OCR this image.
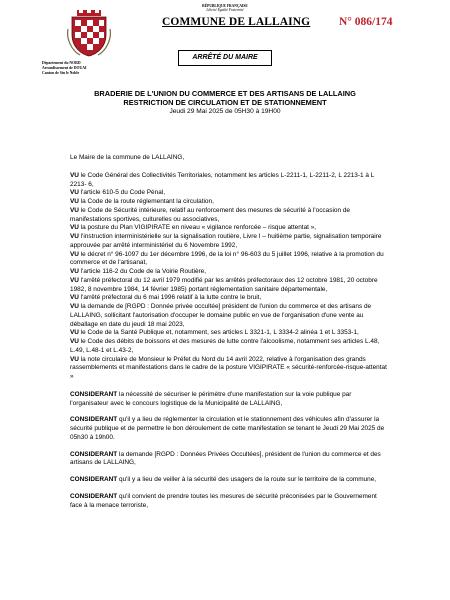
RÉPUBLIQUE FRANÇAISE
Liberté Egalité Fraternité
COMMUNE DE LALLAING	N° 086/174
ARRÊTÉ DU MAIRE
Département du NORD
Arrondissement de DOUAI
Canton de Sin le Noble
BRADERIE DE L'UNION DU COMMERCE ET DES ARTISANS DE LALLAING
RESTRICTION DE CIRCULATION ET DE STATIONNEMENT
Jeudi 29 Mai 2025 de 05H30 à 19H00

Le Maire de la commune de LALLAING,

VU le Code Général des Collectivités Territoriales, notamment les articles L-2211-1, L-2211-2, L 2213-1 à L 2213- 6,

VU l'article 610-5 du Code Pénal,

VU la Code de la route réglementant la circulation,

VU le Code de Sécurité intérieure, relatif au renforcement des mesures de sécurité à l'occasion de manifestations sportives, culturelles ou associatives,

VU la posture du Plan VIGIPIRATE en niveau « vigilance renforcée – risque attentat »,

VU l'instruction interministérielle sur la signalisation routière, Livre I – huitième partie, signalisation temporaire approuvée par arrêté interministériel du 6 Novembre 1992,

VU le décret n° 96-1097 du 1er décembre 1996, de la loi n° 96-603 du 5 juillet 1996, relative à la promotion du commerce et de l'artisanat,

VU l'article 116-2 du Code de la Voirie Routière,

VU l'arrêté préfectoral du 12 avril 1979 modifié par les arrêtés préfectoraux des 12 octobre 1981, 20 octobre 1982, 8 novembre 1984, 14 février 1985) portant réglementation sanitaire départementale,

VU l'arrêté préfectoral du 6 mai 1996 relatif à la lutte contre le bruit,

VU la demande de [RGPD : Donnée privée occultée] président de l'union du commerce et des artisans de LALLAING, sollicitant l'autorisation d'occuper le domaine public en vue de l'organisation d'une vente au déballage en date du jeudi 18 mai 2023,

VU le Code de la Santé Publique et, notamment, ses articles L 3321-1, L 3334-2 alinéa 1 et L 3353-1,

VU le Code des débits de boissons et des mesures de lutte contre l'alcoolisme, notamment ses articles L.48, L.49, L.48-1 et L.43-2,

VU la note circulaire de Monsieur le Préfet du Nord du 14 avril 2022, relative à l'organisation des grands rassemblements et manifestations dans le cadre de la posture VIGIPIRATE « sécurité-renforcée-risque-attentat »

CONSIDERANT la nécessité de sécuriser le périmètre d'une manifestation sur la voie publique par l'organisateur avec le concours logistique de la Municipalité de LALLAING,

CONSIDERANT qu'il y a lieu de réglementer la circulation et le stationnement des véhicules afin d'assurer la sécurité publique et de permettre le bon déroulement de cette manifestation se tenant le Jeudi 29 Mai 2025 de 05h30 à 19h00.

CONSIDERANT la demande [RGPD : Données Privées Occultées], président de l'union du commerce et des artisans de LALLAING,

CONSIDERANT qu'il y a lieu de veiller à la sécurité des usagers de la route sur le territoire de la commune,

CONSIDERANT qu'il convient de prendre toutes les mesures de sécurité préconisées par le Gouvernement face à la menace terroriste,
